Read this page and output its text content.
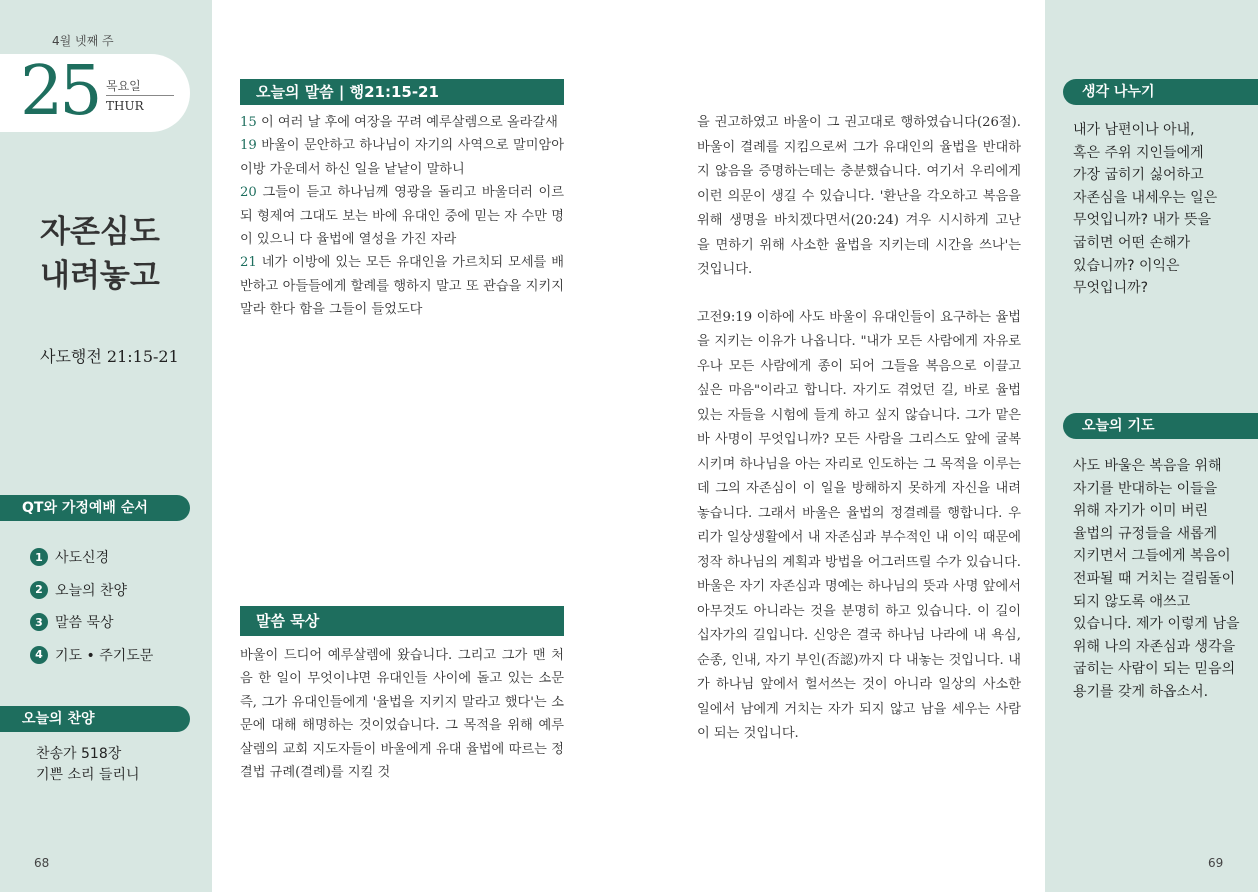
4월 넷째 주
25 목요일
THUR
자존심도
내려놓고
사도행전 21:15-21
QT와 가정예배 순서
1 사도신경
2 오늘의 찬양
3 말씀 묵상
4 기도 • 주기도문
오늘의 찬양
찬송가 518장
기쁜 소리 들리니
68
오늘의 말씀 | 행21:15-21
15 이 여러 날 후에 여장을 꾸려 예루살렘으로 올라갈새
19 바울이 문안하고 하나님이 자기의 사역으로 말미암아 이방 가운데서 하신 일을 낱낱이 말하니
20 그들이 듣고 하나님께 영광을 돌리고 바울더러 이르되 형제여 그대도 보는 바에 유대인 중에 믿는 자 수만 명이 있으니 다 율법에 열성을 가진 자라
21 네가 이방에 있는 모든 유대인을 가르치되 모세를 배반하고 아들들에게 할례를 행하지 말고 또 관습을 지키지 말라 한다 함을 그들이 들었도다
말씀 묵상
바울이 드디어 예루살렘에 왔습니다. 그리고 그가 맨 처음 한 일이 무엇이냐면 유대인들 사이에 돌고 있는 소문 즉, 그가 유대인들에게 '율법을 지키지 말라고 했다'는 소문에 대해 해명하는 것이었습니다. 그 목적을 위해 예루살렘의 교회 지도자들이 바울에게 유대 율법에 따르는 정결법 규례(결례)를 지킬 것

을 권고하였고 바울이 그 권고대로 행하였습니다(26절). 바울이 결례를 지킴으로써 그가 유대인의 율법을 반대하지 않음을 증명하는데는 충분했습니다. 여기서 우리에게 이런 의문이 생길 수 있습니다. '환난을 각오하고 복음을 위해 생명을 바치겠다면서(20:24) 겨우 시시하게 고난을 면하기 위해 사소한 율법을 지키는데 시간을 쓰나'는 것입니다.

고전9:19 이하에 사도 바울이 유대인들이 요구하는 율법을 지키는 이유가 나옵니다. "내가 모든 사람에게 자유로우나 모든 사람에게 종이 되어 그들을 복음으로 이끌고 싶은 마음"이라고 합니다. 자기도 겪었던 길, 바로 율법 있는 자들을 시험에 들게 하고 싶지 않습니다. 그가 맡은 바 사명이 무엇입니까? 모든 사람을 그리스도 앞에 굴복시키며 하나님을 아는 자리로 인도하는 그 목적을 이루는데 그의 자존심이 이 일을 방해하지 못하게 자신을 내려놓습니다. 그래서 바울은 율법의 정결례를 행합니다. 우리가 일상생활에서 내 자존심과 부수적인 내 이익 때문에 정작 하나님의 계획과 방법을 어그러뜨릴 수가 있습니다. 바울은 자기 자존심과 명예는 하나님의 뜻과 사명 앞에서 아무것도 아니라는 것을 분명히 하고 있습니다. 이 길이 십자가의 길입니다. 신앙은 결국 하나님 나라에 내 욕심, 순종, 인내, 자기 부인(否認)까지 다 내놓는 것입니다. 내가 하나님 앞에서 헐서쓰는 것이 아니라 일상의 사소한 일에서 남에게 거치는 자가 되지 않고 남을 세우는 사람이 되는 것입니다.

생각 나누기
내가 남편이나 아내,
혹은 주위 지인들에게
가장 굽히기 싫어하고
자존심을 내세우는 일은
무엇입니까? 내가 뜻을
굽히면 어떤 손해가
있습니까? 이익은
무엇입니까?
오늘의 기도
사도 바울은 복음을 위해
자기를 반대하는 이들을
위해 자기가 이미 버린
율법의 규정들을 새롭게
지키면서 그들에게 복음이
전파될 때 거치는 걸림돌이
되지 않도록 애쓰고
있습니다. 제가 이렇게 남을
위해 나의 자존심과 생각을
굽히는 사람이 되는 믿음의
용기를 갖게 하옵소서.
69
